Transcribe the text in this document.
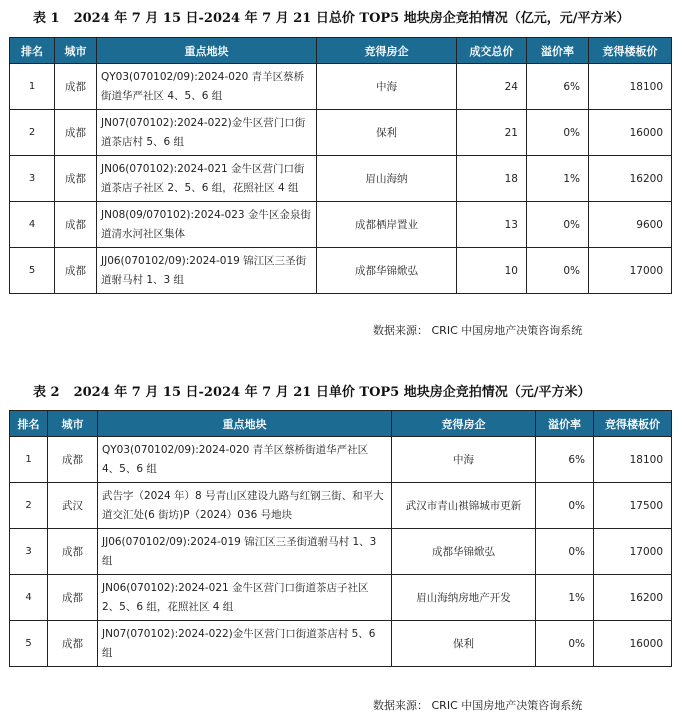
表 1 2024 年 7 月 15 日-2024 年 7 月 21 日总价 TOP5 地块房企竞拍情况（亿元，元/平方米）
排名	城市	重点地块	竞得房企	成交总价	溢价率	竞得楼板价
1	成都	QY03(070102/09):2024-020 青羊区蔡桥街道华严社区 4、5、6 组	中海	24	6%	18100
2	成都	JN07(070102):2024-022)金牛区营门口街道茶店村 5、6 组	保利	21	0%	16000
3	成都	JN06(070102):2024-021 金牛区营门口街道茶店子社区 2、5、6 组，花照社区 4 组	眉山海纳	18	1%	16200
4	成都	JN08(09/070102):2024-023 金牛区金泉街道清水河社区集体	成都栖岸置业	13	0%	9600
5	成都	JJ06(070102/09):2024-019 锦江区三圣街道驸马村 1、3 组	成都华锦焮弘	10	0%	17000
数据来源： CRIC 中国房地产决策咨询系统
表 2 2024 年 7 月 15 日-2024 年 7 月 21 日单价 TOP5 地块房企竞拍情况（元/平方米）
排名	城市	重点地块	竞得房企	溢价率	竞得楼板价
1	成都	QY03(070102/09):2024-020 青羊区蔡桥街道华严社区 4、5、6 组	中海	6%	18100
2	武汉	武告字（2024 年）8 号青山区建设九路与红钢三街、和平大道交汇处(6 街坊)P（2024）036 号地块	武汉市青山褀锦城市更新	0%	17500
3	成都	JJ06(070102/09):2024-019 锦江区三圣街道驸马村 1、3 组	成都华锦焮弘	0%	17000
4	成都	JN06(070102):2024-021 金牛区营门口街道茶店子社区 2、5、6 组，花照社区 4 组	眉山海纳房地产开发	1%	16200
5	成都	JN07(070102):2024-022)金牛区营门口街道茶店村 5、6 组	保利	0%	16000
数据来源： CRIC 中国房地产决策咨询系统
